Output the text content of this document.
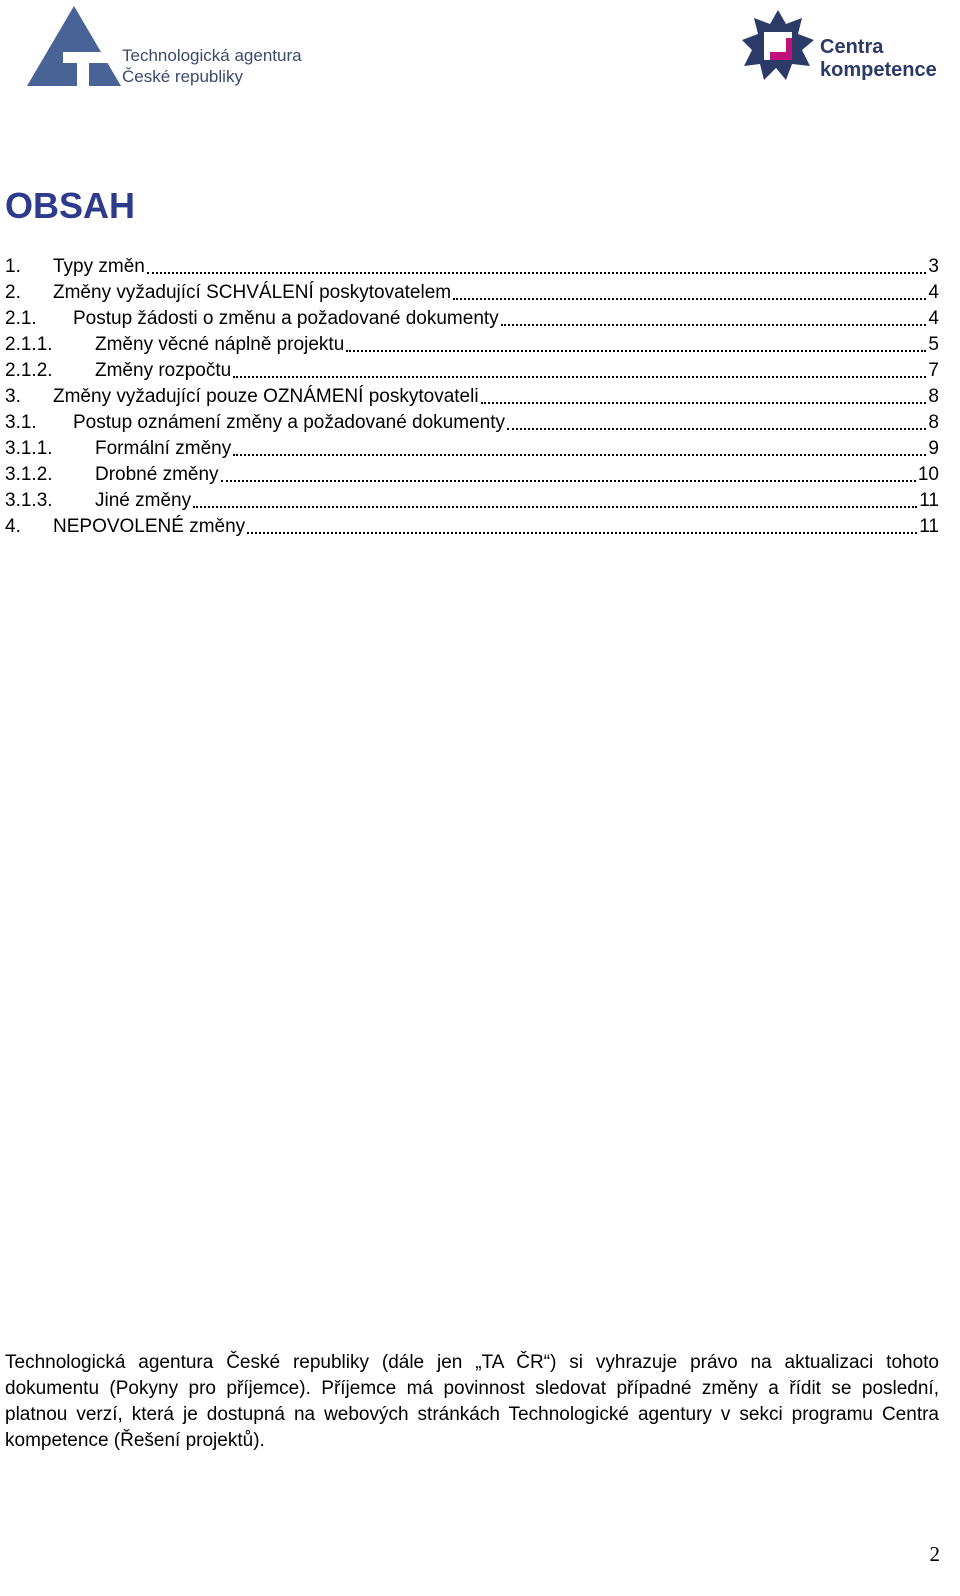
Technologická agentura
České republiky
Centra
kompetence
OBSAH
1.	Typy změn	3
2.	Změny vyžadující SCHVÁLENÍ poskytovatelem	4
2.1.	Postup žádosti o změnu a požadované dokumenty	4
2.1.1.	Změny věcné náplně projektu	5
2.1.2.	Změny rozpočtu	7
3.	Změny vyžadující pouze OZNÁMENÍ poskytovateli	8
3.1.	Postup oznámení změny a požadované dokumenty	8
3.1.1.	Formální změny	9
3.1.2.	Drobné změny	10
3.1.3.	Jiné změny	11
4.	NEPOVOLENÉ změny	11

Technologická agentura České republiky (dále jen „TA ČR“) si vyhrazuje právo na aktualizaci tohoto dokumentu (Pokyny pro příjemce). Příjemce má povinnost sledovat případné změny a řídit se poslední, platnou verzí, která je dostupná na webových stránkách Technologické agentury v sekci programu Centra kompetence (Řešení projektů).

2
